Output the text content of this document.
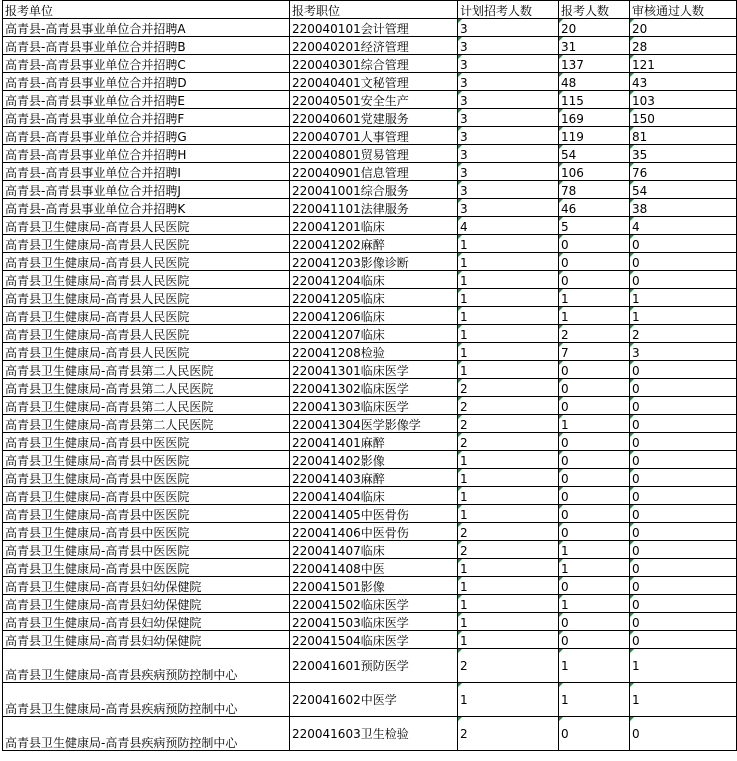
报考单位	报考职位	计划招考人数	报考人数	审核通过人数
高青县-高青县事业单位合并招聘A	220040101会计管理	3	20	20
高青县-高青县事业单位合并招聘B	220040201经济管理	3	31	28
高青县-高青县事业单位合并招聘C	220040301综合管理	3	137	121
高青县-高青县事业单位合并招聘D	220040401文秘管理	3	48	43
高青县-高青县事业单位合并招聘E	220040501安全生产	3	115	103
高青县-高青县事业单位合并招聘F	220040601党建服务	3	169	150
高青县-高青县事业单位合并招聘G	220040701人事管理	3	119	81
高青县-高青县事业单位合并招聘H	220040801贸易管理	3	54	35
高青县-高青县事业单位合并招聘I	220040901信息管理	3	106	76
高青县-高青县事业单位合并招聘J	220041001综合服务	3	78	54
高青县-高青县事业单位合并招聘K	220041101法律服务	3	46	38
高青县卫生健康局-高青县人民医院	220041201临床	4	5	4
高青县卫生健康局-高青县人民医院	220041202麻醉	1	0	0
高青县卫生健康局-高青县人民医院	220041203影像诊断	1	0	0
高青县卫生健康局-高青县人民医院	220041204临床	1	0	0
高青县卫生健康局-高青县人民医院	220041205临床	1	1	1
高青县卫生健康局-高青县人民医院	220041206临床	1	1	1
高青县卫生健康局-高青县人民医院	220041207临床	1	2	2
高青县卫生健康局-高青县人民医院	220041208检验	1	7	3
高青县卫生健康局-高青县第二人民医院	220041301临床医学	1	0	0
高青县卫生健康局-高青县第二人民医院	220041302临床医学	2	0	0
高青县卫生健康局-高青县第二人民医院	220041303临床医学	2	0	0
高青县卫生健康局-高青县第二人民医院	220041304医学影像学	2	1	0
高青县卫生健康局-高青县中医医院	220041401麻醉	2	0	0
高青县卫生健康局-高青县中医医院	220041402影像	1	0	0
高青县卫生健康局-高青县中医医院	220041403麻醉	1	0	0
高青县卫生健康局-高青县中医医院	220041404临床	1	0	0
高青县卫生健康局-高青县中医医院	220041405中医骨伤	1	0	0
高青县卫生健康局-高青县中医医院	220041406中医骨伤	2	0	0
高青县卫生健康局-高青县中医医院	220041407临床	2	1	0
高青县卫生健康局-高青县中医医院	220041408中医	1	1	0
高青县卫生健康局-高青县妇幼保健院	220041501影像	1	0	0
高青县卫生健康局-高青县妇幼保健院	220041502临床医学	1	1	0
高青县卫生健康局-高青县妇幼保健院	220041503临床医学	1	0	0
高青县卫生健康局-高青县妇幼保健院	220041504临床医学	1	0	0
高青县卫生健康局-高青县疾病预防控制中心	220041601预防医学	2	1	1
高青县卫生健康局-高青县疾病预防控制中心	220041602中医学	1	1	1
高青县卫生健康局-高青县疾病预防控制中心	220041603卫生检验	2	0	0
